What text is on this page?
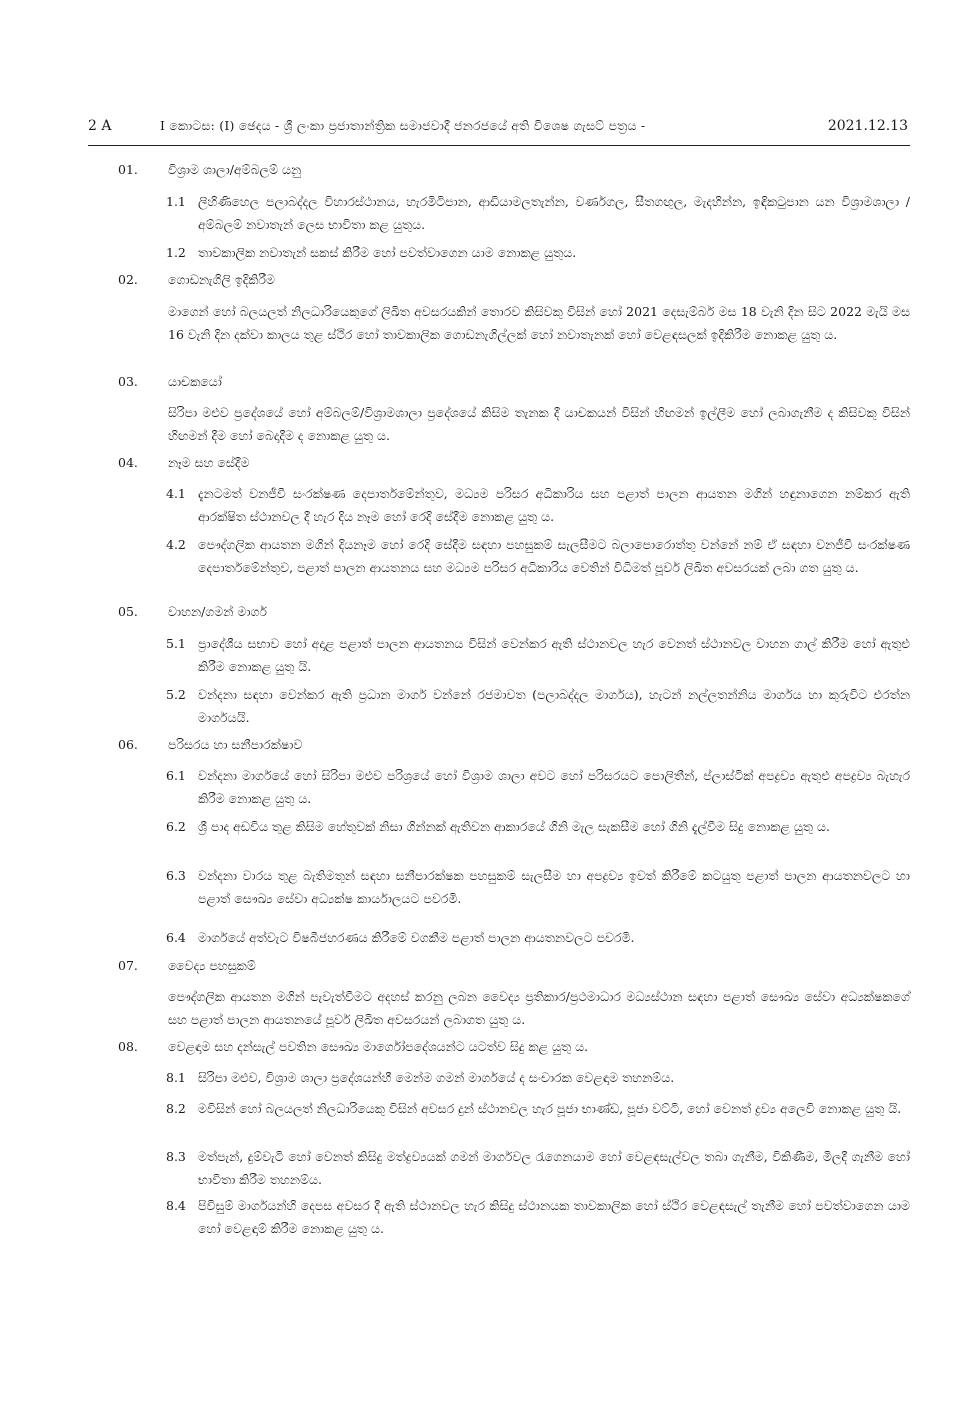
2 A	I කොටස: (I) ඡෙදය - ශ්‍රී ලංකා ප්‍රජාතාන්ත්‍රික සමාජවාදී ජනරජයේ අති විශෙෂ ගැසට් පත්‍රය -	2021.12.13
01.	විශ්‍රාම ශාලා/අම්බලම් යනු
1.1 ලිහිණිහෙල පලාබද්දල විහාරස්ථානය, හැරමිටිපාන, ආඩියාමලතැන්න, වර්ණගල, සීතගඟුල, මැදහින්න, ඉඳිකටුපාන යන විශ්‍රාමශාලා / අම්බලම් නවාතැන් ලෙස භාවිතා කළ යුතුය.
1.2 තාවකාලික නවාතැන් සකස් කිරීම හෝ පවත්වාගෙන යාම නොකළ යුතුය.
02.	ගොඩනැගිලි ඉදිකිරීම
මාගෙන් හෝ බලයලත් නිලධාරියෙකුගේ ලිඛිත අවසරයකින් තොරව කිසිවකු විසින් හෝ 2021 දෙසැම්බර් මස 18 වැනි දින සිට 2022 මැයි මස 16 වැනි දින දක්වා කාලය තුළ ස්ථිර හෝ තාවකාලික ගොඩනැගිල්ලක් හෝ නවාතැනක් හෝ වෙළඳසලක් ඉදිකිරීම නොකළ යුතු ය.
03.	යාචකයෝ
සිරිපා මළුව ප්‍රදේශයේ හෝ අම්බලම්/විශ්‍රාමශාලා ප්‍රදේශයේ කිසිම තැනක දී යාචකයන් විසින් හිඟමන් ඉල්ලීම හෝ ලබාගැනීම ද කිසිවකු විසින් හිඟමන් දීම හෝ බෙදාදීම ද නොකළ යුතු ය.
04.	නෑම සහ සේදීම
4.1 දැනටමත් වනජීවී සංරක්ෂණ දෙපාර්තමේන්තුව, මධ්‍යම පරිසර අධිකාරිය සහ පළාත් පාලන ආයතන මගින් හඳුනාගෙන නම්කර ඇති ආරක්ෂිත ස්ථානවල දී හැර දිය නෑම හෝ රෙදි සේදීම නොකළ යුතු ය.
4.2 පෞද්ගලික ආයතන මගින් දියනෑම හෝ රෙදි සේදීම සඳහා පහසුකම් සැලසීමට බලාපොරොත්තු වන්නේ නම් ඒ සඳහා වනජීවී සංරක්ෂණ දෙපාර්තමේන්තුව, පළාත් පාලන ආයතනය සහ මධ්‍යම පරිසර අධිකාරිය වෙතින් විධිමත් පූර්ව ලිඛිත අවසරයක් ලබා ගත යුතු ය.
05.	වාහන/ගමන් මාර්ග
5.1 ප්‍රාදේශීය සභාව හෝ අදාළ පළාත් පාලන ආයතනය විසින් වෙන්කර ඇති ස්ථානවල හැර වෙනත් ස්ථානවල වාහන ගාල් කිරීම හෝ ඇතුළු කිරීම නොකළ යුතු යි.
5.2 වන්දනා සඳහා වෙන්කර ඇති ප්‍රධාන මාර්ග වන්නේ රජමාවත (පලාබද්දල මාර්ගය), හැටන් නල්ලතන්නිය මාර්ගය හා කුරුවිට එරත්න මාර්ගයයි.
06.	පරිසරය හා සනීපාරක්ෂාව
6.1 වන්දනා මාර්ගයේ හෝ සිරිපා මළුව පරිශ්‍රයේ හෝ විශ්‍රාම ශාලා අවට හෝ පරිසරයට පොලිතීන්, ප්ලාස්ටික් අපද්‍රව්‍ය ඇතුළු අපද්‍රව්‍ය බැහැර කිරීම නොකළ යුතු ය.
6.2 ශ්‍රී පාද අඩවිය තුළ කිසිම හේතුවක් නිසා ගින්නක් ඇතිවන ආකාරයේ ගිනි මැල සැකසීම හෝ ගිනි දැල්වීම සිදු නොකළ යුතු ය.
6.3 වන්දනා වාරය තුළ බැතිමතුන් සඳහා සනීපාරක්ෂක පහසුකම් සැලසීම හා අපද්‍රව්‍ය ඉවත් කිරීමේ කටයුතු පළාත් පාලන ආයතනවලට හා පළාත් සෞඛ්‍ය සේවා අධ්‍යක්ෂ කාර්යාලයට පවරමි.
6.4 මාර්ගයේ අත්වැට විෂබීජහරණය කිරීමේ වගකීම පළාත් පාලන ආයතනවලට පවරමි.
07.	වෛද්‍ය පහසුකම්
පෞද්ගලික ආයතන මගින් පැවැත්වීමට අදහස් කරනු ලබන වෛද්‍ය ප්‍රතිකාර/ප්‍රථමාධාර මධ්‍යස්ථාන සඳහා පළාත් සෞඛ්‍ය සේවා අධ්‍යක්ෂකගේ සහ පළාත් පාලන ආයතනයේ පූර්ව ලිඛිත අවසරයන් ලබාගත යුතු ය.
08.	වෙළඳාම සහ දන්සැල් පවතින සෞඛ්‍ය මාර්ගෝපදේශයන්ට යටත්ව සිදු කළ යුතු ය.
8.1 සිරිපා මළුව, විශ්‍රාම ශාලා ප්‍රදේශයන්හී මෙන්ම ගමන් මාර්ගයේ ද සංචාරක වෙළඳාම තහනම්ය.
8.2 මවිසින් හෝ බලයලත් නිලධාරියෙකු විසින් අවසර දුන් ස්ථානවල හැර පූජා භාණ්ඩ, පූජා වට්ටි, හෝ වෙනත් ද්‍රව්‍ය අලෙවි නොකළ යුතු යි.
8.3 මත්පැන්, දුම්වැටි හෝ වෙනත් කිසිදු මත්ද්‍රව්‍යයක් ගමන් මාර්ගවල රැගෙනයාම හෝ වෙළඳසැල්වල තබා ගැනීම, විකිණීම, මිලදී ගැනීම හෝ භාවිතා කිරීම තහනම්ය.
8.4 පිවිසුම් මාර්ගයන්හි දෙපස අවසර දී ඇති ස්ථානවල හැර කිසිදු ස්ථානයක තාවකාලික හෝ ස්ථිර වෙළඳසැල් තැනීම හෝ පවත්වාගෙන යාම හෝ වෙළඳාම් කිරීම නොකළ යුතු ය.
